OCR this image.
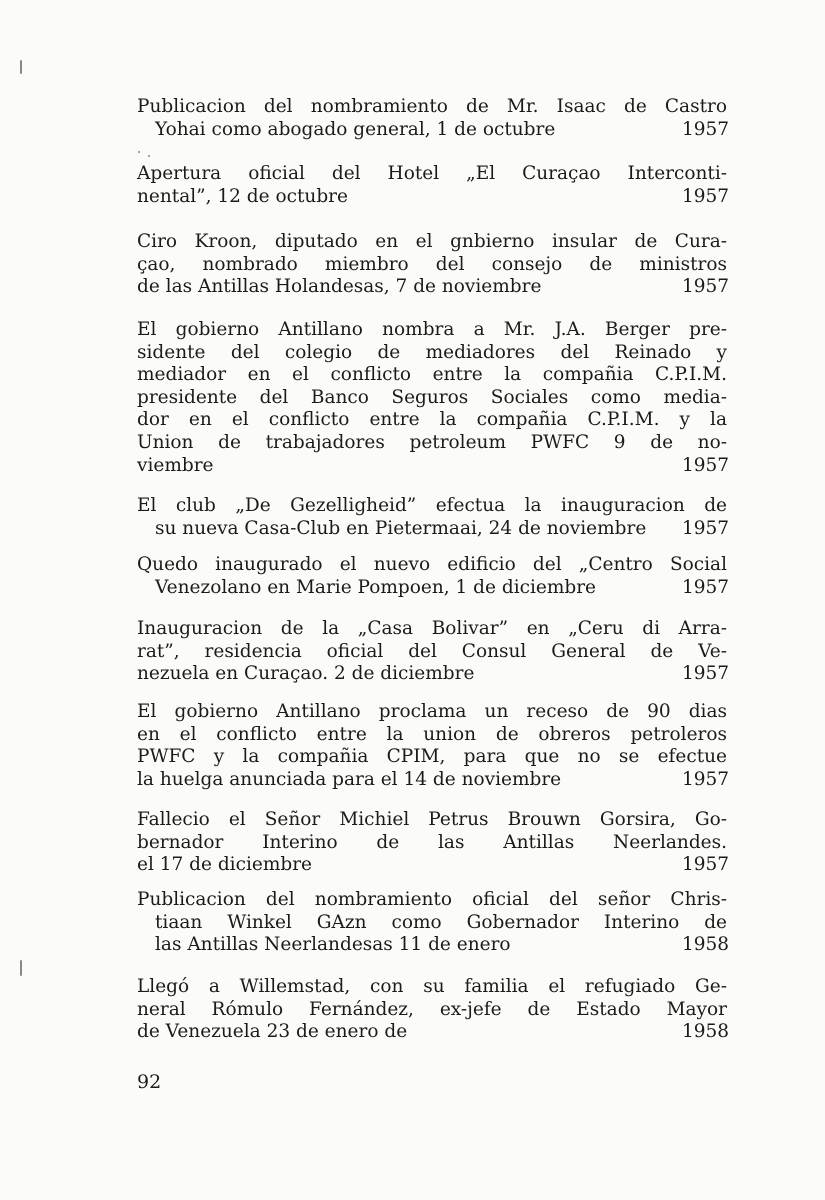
Publicacion del nombramiento de Mr. Isaac de Castro
Yohai como abogado general, 1 de octubre	1957
Apertura oficial del Hotel „El Curaçao Interconti-
nental”, 12 de octubre	1957
Ciro Kroon, diputado en el gnbierno insular de Cura-
çao, nombrado miembro del consejo de ministros
de las Antillas Holandesas, 7 de noviembre	1957
El gobierno Antillano nombra a Mr. J.A. Berger pre-
sidente del colegio de mediadores del Reinado y
mediador en el conflicto entre la compañia C.P.I.M.
presidente del Banco Seguros Sociales como media-
dor en el conflicto entre la compañia C.P.I.M. y la
Union de trabajadores petroleum PWFC 9 de no-
viembre	1957
El club „De Gezelligheid” efectua la inauguracion de
su nueva Casa-Club en Pietermaai, 24 de noviembre	1957
Quedo inaugurado el nuevo edificio del „Centro Social
Venezolano en Marie Pompoen, 1 de diciembre	1957
Inauguracion de la „Casa Bolivar” en „Ceru di Arra-
rat”, residencia oficial del Consul General de Ve-
nezuela en Curaçao. 2 de diciembre	1957
El gobierno Antillano proclama un receso de 90 dias
en el conflicto entre la union de obreros petroleros
PWFC y la compañia CPIM, para que no se efectue
la huelga anunciada para el 14 de noviembre	1957
Fallecio el Señor Michiel Petrus Brouwn Gorsira, Go-
bernador Interino de las Antillas Neerlandes.
el 17 de diciembre	1957
Publicacion del nombramiento oficial del señor Chris-
tiaan Winkel GAzn como Gobernador Interino de
las Antillas Neerlandesas 11 de enero	1958
Llegó a Willemstad, con su familia el refugiado Ge-
neral Rómulo Fernández, ex-jefe de Estado Mayor
de Venezuela 23 de enero de	1958
92
